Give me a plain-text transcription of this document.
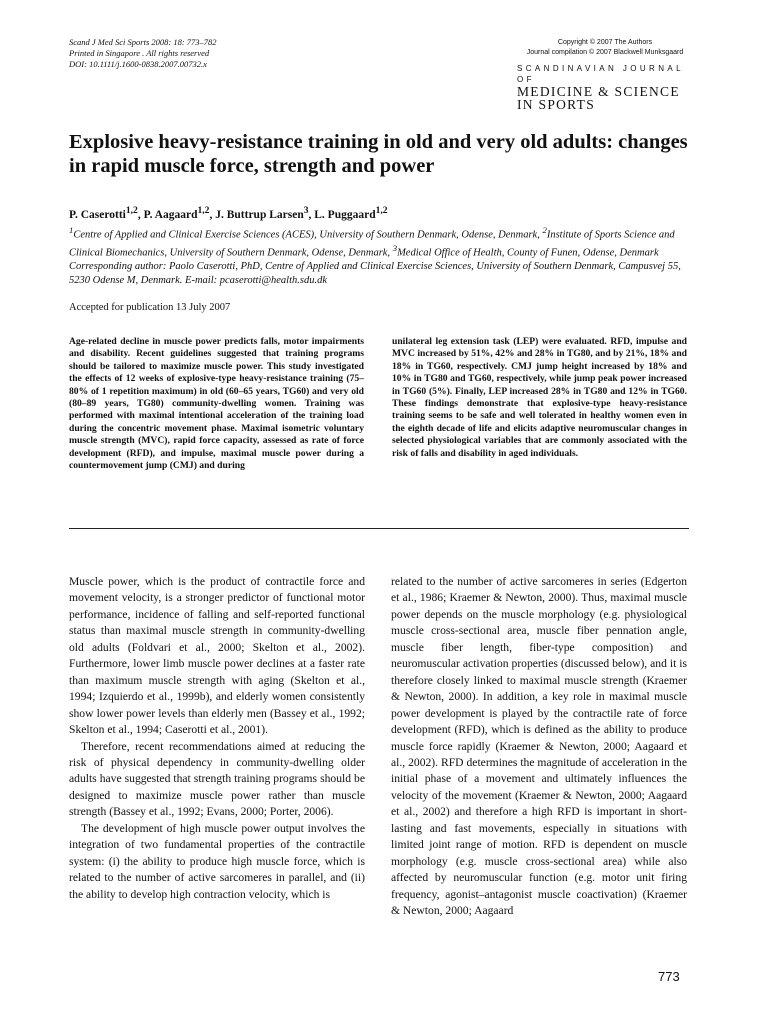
Scand J Med Sci Sports 2008: 18: 773–782
Printed in Singapore . All rights reserved
DOI: 10.1111/j.1600-0838.2007.00732.x
Copyright © 2007 The Authors
Journal compilation © 2007 Blackwell Munksgaard
SCANDINAVIAN JOURNAL OF
MEDICINE & SCIENCE
IN SPORTS
Explosive heavy-resistance training in old and very old adults: changes in rapid muscle force, strength and power
P. Caserotti$^{1,2}$, P. Aagaard$^{1,2}$, J. Buttrup Larsen$^3$, L. Puggaard$^{1,2}$
$^1$Centre of Applied and Clinical Exercise Sciences (ACES), University of Southern Denmark, Odense, Denmark, $^2$Institute of Sports Science and Clinical Biomechanics, University of Southern Denmark, Odense, Denmark, $^3$Medical Office of Health, County of Funen, Odense, Denmark
Corresponding author: Paolo Caserotti, PhD, Centre of Applied and Clinical Exercise Sciences, University of Southern Denmark, Campusvej 55, 5230 Odense M, Denmark. E-mail: pcaserotti@health.sdu.dk
Accepted for publication 13 July 2007
Age-related decline in muscle power predicts falls, motor impairments and disability. Recent guidelines suggested that training programs should be tailored to maximize muscle power. This study investigated the effects of 12 weeks of explosive-type heavy-resistance training (75–80% of 1 repetition maximum) in old (60–65 years, TG60) and very old (80–89 years, TG80) community-dwelling women. Training was performed with maximal intentional acceleration of the training load during the concentric movement phase. Maximal isometric voluntary muscle strength (MVC), rapid force capacity, assessed as rate of force development (RFD), and impulse, maximal muscle power during a countermovement jump (CMJ) and during
unilateral leg extension task (LEP) were evaluated. RFD, impulse and MVC increased by 51%, 42% and 28% in TG80, and by 21%, 18% and 18% in TG60, respectively. CMJ jump height increased by 18% and 10% in TG80 and TG60, respectively, while jump peak power increased in TG60 (5%). Finally, LEP increased 28% in TG80 and 12% in TG60. These findings demonstrate that explosive-type heavy-resistance training seems to be safe and well tolerated in healthy women even in the eighth decade of life and elicits adaptive neuromuscular changes in selected physiological variables that are commonly associated with the risk of falls and disability in aged individuals.

Muscle power, which is the product of contractile force and movement velocity, is a stronger predictor of functional motor performance, incidence of falling and self-reported functional status than maximal muscle strength in community-dwelling old adults (Foldvari et al., 2000; Skelton et al., 2002). Furthermore, lower limb muscle power declines at a faster rate than maximum muscle strength with aging (Skelton et al., 1994; Izquierdo et al., 1999b), and elderly women consistently show lower power levels than elderly men (Bassey et al., 1992; Skelton et al., 1994; Caserotti et al., 2001).

Therefore, recent recommendations aimed at reducing the risk of physical dependency in community-dwelling older adults have suggested that strength training programs should be designed to maximize muscle power rather than muscle strength (Bassey et al., 1992; Evans, 2000; Porter, 2006).

The development of high muscle power output involves the integration of two fundamental properties of the contractile system: (i) the ability to produce high muscle force, which is related to the number of active sarcomeres in parallel, and (ii) the ability to develop high contraction velocity, which is

related to the number of active sarcomeres in series (Edgerton et al., 1986; Kraemer & Newton, 2000). Thus, maximal muscle power depends on the muscle morphology (e.g. physiological muscle cross-sectional area, muscle fiber pennation angle, muscle fiber length, fiber-type composition) and neuromuscular activation properties (discussed below), and it is therefore closely linked to maximal muscle strength (Kraemer & Newton, 2000). In addition, a key role in maximal muscle power development is played by the contractile rate of force development (RFD), which is defined as the ability to produce muscle force rapidly (Kraemer & Newton, 2000; Aagaard et al., 2002). RFD determines the magnitude of acceleration in the initial phase of a movement and ultimately influences the velocity of the movement (Kraemer & Newton, 2000; Aagaard et al., 2002) and therefore a high RFD is important in short-lasting and fast movements, especially in situations with limited joint range of motion. RFD is dependent on muscle morphology (e.g. muscle cross-sectional area) while also affected by neuromuscular function (e.g. motor unit firing frequency, agonist–antagonist muscle coactivation) (Kraemer & Newton, 2000; Aagaard

773
